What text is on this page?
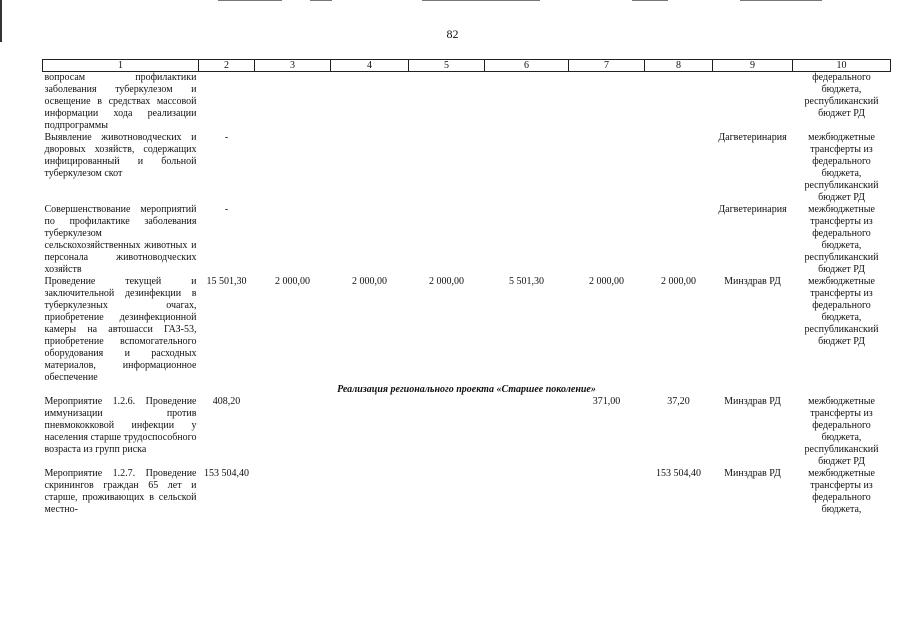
82
1	2	3	4	5	6	7	8	9	10
вопросам профилактики заболевания туберкулезом и освещение в средствах массовой информации хода реализации подпрограммы									федерального бюджета, республиканский бюджет РД
Выявление животноводческих и дворовых хозяйств, содержащих инфицированный и больной туберкулезом скот	-							Дагветеринария	межбюджетные трансферты из федерального бюджета, республиканский бюджет РД
Совершенствование мероприятий по профилактике заболевания туберкулезом сельскохозяйственных животных и персонала животноводческих хозяйств	-							Дагветеринария	межбюджетные трансферты из федерального бюджета, республиканский бюджет РД
Проведение текущей и заключительной дезинфекции в туберкулезных очагах, приобретение дезинфекционной камеры на автошасси ГАЗ-53, приобретение вспомогательного оборудования и расходных материалов, информационное обеспечение	15 501,30	2 000,00	2 000,00	2 000,00	5 501,30	2 000,00	2 000,00	Минздрав РД	межбюджетные трансферты из федерального бюджета, республиканский бюджет РД
Реализация регионального проекта «Старшее поколение»									
Мероприятие 1.2.6. Проведение иммунизации против пневмококковой инфекции у населения старше трудоспособного возраста из групп риска	408,20					371,00	37,20	Минздрав РД	межбюджетные трансферты из федерального бюджета, республиканский бюджет РД
Мероприятие 1.2.7. Проведение скринингов граждан 65 лет и старше, проживающих в сельской местно-	153 504,40						153 504,40	Минздрав РД	межбюджетные трансферты из федерального бюджета,
